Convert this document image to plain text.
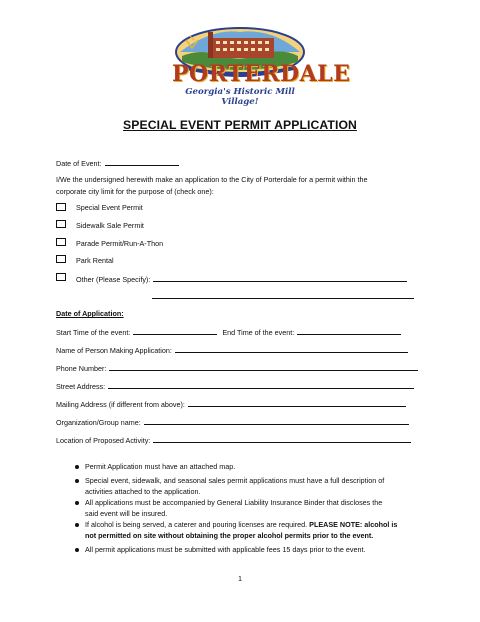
PORTERDALE
Georgia's Historic Mill Village!
SPECIAL EVENT PERMIT APPLICATION
Date of Event:
I/We the undersigned herewith make an application to the City of Porterdale for a permit within the
corporate city limit for the purpose of (check one):
Special Event Permit
Sidewalk Sale Permit
Parade Permit/Run-A-Thon
Park Rental
Other (Please Specify):
Date of Application:
Start Time of the event:	End Time of the event:
Name of Person Making Application:
Phone Number:
Street Address:
Mailing Address (if different from above):
Organization/Group name:
Location of Proposed Activity:
Permit Application must have an attached map.
Special event, sidewalk, and seasonal sales permit applications must have a full description of
activities attached to the application.
All applications must be accompanied by General Liability Insurance Binder that discloses the
said event will be insured.
If alcohol is being served, a caterer and pouring licenses are required. PLEASE NOTE: alcohol is
not permitted on site without obtaining the proper alcohol permits prior to the event.
All permit applications must be submitted with applicable fees 15 days prior to the event.
1
